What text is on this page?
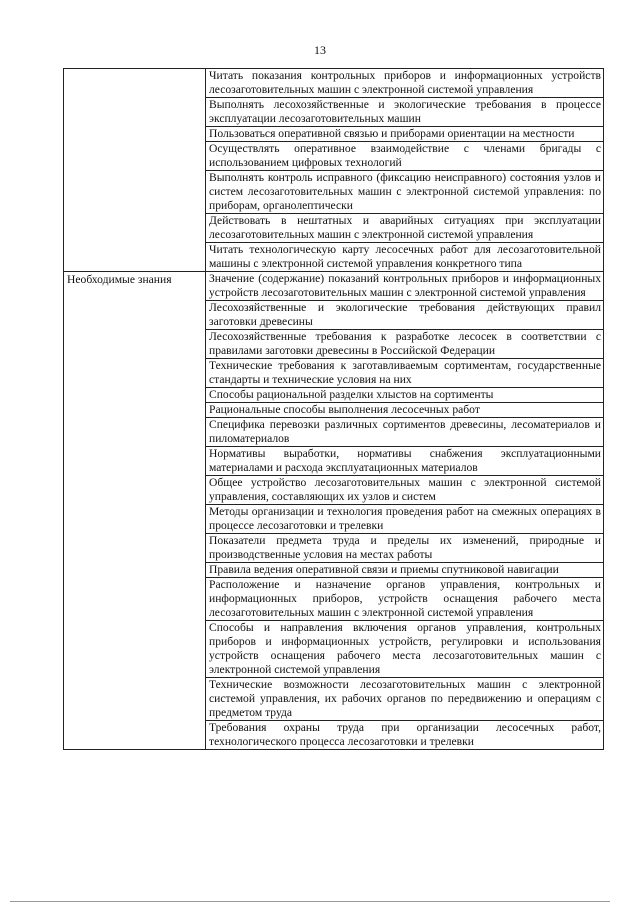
13
	Читать показания контрольных приборов и информационных устройств лесозаготовительных машин с электронной системой управления
	Выполнять лесохозяйственные и экологические требования в процессе эксплуатации лесозаготовительных машин
	Пользоваться оперативной связью и приборами ориентации на местности
	Осуществлять оперативное взаимодействие с членами бригады с использованием цифровых технологий
	Выполнять контроль исправного (фиксацию неисправного) состояния узлов и систем лесозаготовительных машин с электронной системой управления: по приборам, органолептически
	Действовать в нештатных и аварийных ситуациях при эксплуатации лесозаготовительных машин с электронной системой управления
	Читать технологическую карту лесосечных работ для лесозаготовительной машины с электронной системой управления конкретного типа
Необходимые знания	Значение (содержание) показаний контрольных приборов и информационных устройств лесозаготовительных машин с электронной системой управления
	Лесохозяйственные и экологические требования действующих правил заготовки древесины
	Лесохозяйственные требования к разработке лесосек в соответствии с правилами заготовки древесины в Российской Федерации
	Технические требования к заготавливаемым сортиментам, государственные стандарты и технические условия на них
	Способы рациональной разделки хлыстов на сортименты
	Рациональные способы выполнения лесосечных работ
	Специфика перевозки различных сортиментов древесины, лесоматериалов и пиломатериалов
	Нормативы выработки, нормативы снабжения эксплуатационными материалами и расхода эксплуатационных материалов
	Общее устройство лесозаготовительных машин с электронной системой управления, составляющих их узлов и систем
	Методы организации и технология проведения работ на смежных операциях в процессе лесозаготовки и трелевки
	Показатели предмета труда и пределы их изменений, природные и производственные условия на местах работы
	Правила ведения оперативной связи и приемы спутниковой навигации
	Расположение и назначение органов управления, контрольных и информационных приборов, устройств оснащения рабочего места лесозаготовительных машин с электронной системой управления
	Способы и направления включения органов управления, контрольных приборов и информационных устройств, регулировки и использования устройств оснащения рабочего места лесозаготовительных машин с электронной системой управления
	Технические возможности лесозаготовительных машин с электронной системой управления, их рабочих органов по передвижению и операциям с предметом труда
	Требования охраны труда при организации лесосечных работ, технологического процесса лесозаготовки и трелевки
